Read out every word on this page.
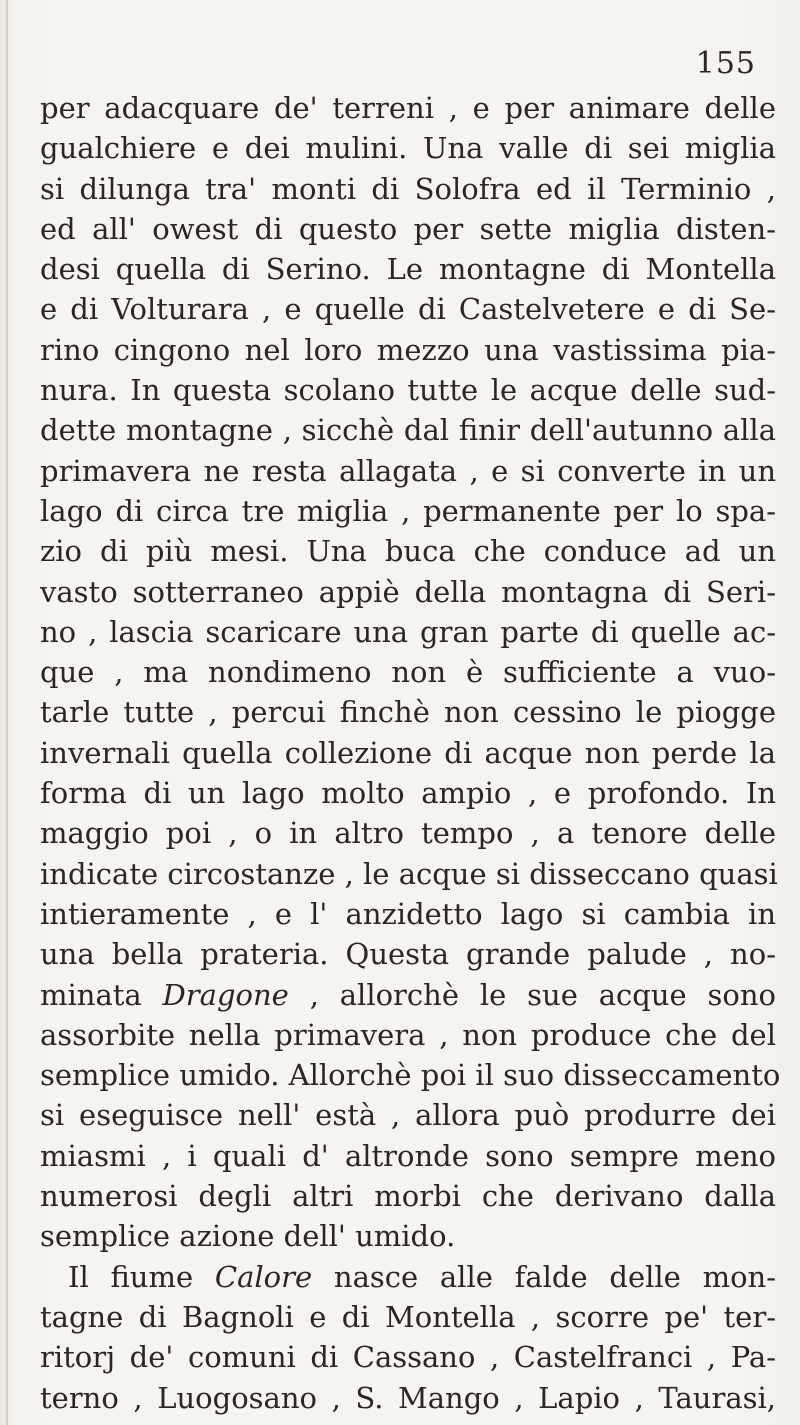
155
per adacquare de' terreni , e per animare delle
gualchiere e dei mulini. Una valle di sei miglia
si dilunga tra' monti di Solofra ed il Terminio ,
ed all' owest di questo per sette miglia disten-
desi quella di Serino. Le montagne di Montella
e di Volturara , e quelle di Castelvetere e di Se-
rino cingono nel loro mezzo una vastissima pia-
nura. In questa scolano tutte le acque delle sud-
dette montagne , sicchè dal finir dell'autunno alla
primavera ne resta allagata , e si converte in un
lago di circa tre miglia , permanente per lo spa-
zio di più mesi. Una buca che conduce ad un
vasto sotterraneo appiè della montagna di Seri-
no , lascia scaricare una gran parte di quelle ac-
que , ma nondimeno non è sufficiente a vuo-
tarle tutte , percui finchè non cessino le piogge
invernali quella collezione di acque non perde la
forma di un lago molto ampio , e profondo. In
maggio poi , o in altro tempo , a tenore delle
indicate circostanze , le acque si disseccano quasi
intieramente , e l' anzidetto lago si cambia in
una bella prateria. Questa grande palude , no-
minata Dragone , allorchè le sue acque sono
assorbite nella primavera , non produce che del
semplice umido. Allorchè poi il suo disseccamento
si eseguisce nell' està , allora può produrre dei
miasmi , i quali d' altronde sono sempre meno
numerosi degli altri morbi che derivano dalla
semplice azione dell' umido.
Il fiume Calore nasce alle falde delle mon-
tagne di Bagnoli e di Montella , scorre pe' ter-
ritorj de' comuni di Cassano , Castelfranci , Pa-
terno , Luogosano , S. Mango , Lapio , Taurasi,
